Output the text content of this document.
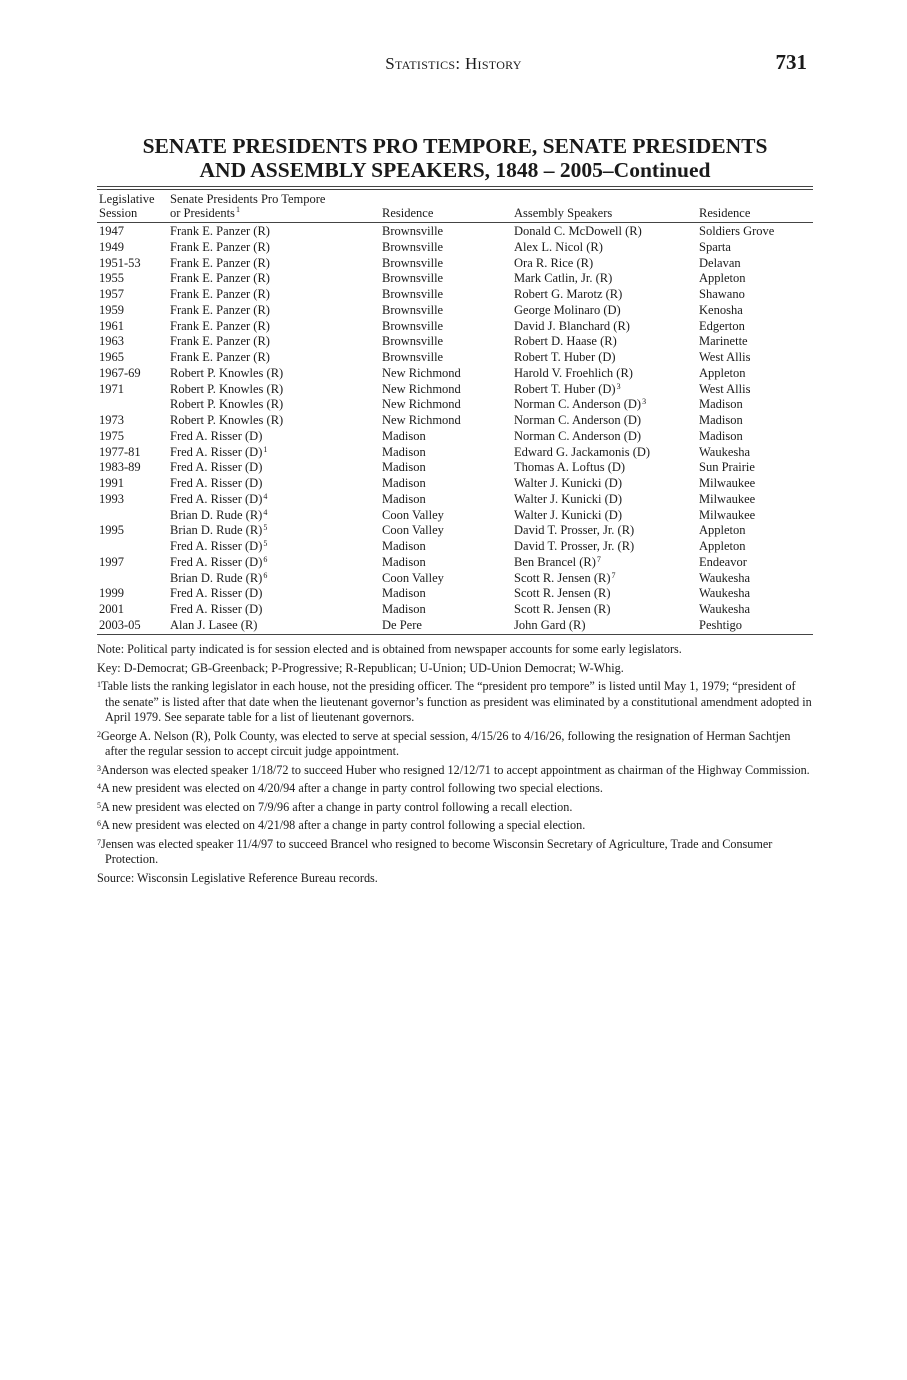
Statistics: History	731
SENATE PRESIDENTS PRO TEMPORE, SENATE PRESIDENTS
AND ASSEMBLY SPEAKERS, 1848 – 2005–Continued
Legislative
Session
Senate Presidents Pro Tempore
or Presidents$^1$	Residence	Assembly Speakers	Residence
1947	Frank E. Panzer (R)	Brownsville	Donald C. McDowell (R)	Soldiers Grove
1949	Frank E. Panzer (R)	Brownsville	Alex L. Nicol (R)	Sparta
1951-53 Frank E. Panzer (R)	Brownsville	Ora R. Rice (R)	Delavan
1955	Frank E. Panzer (R)	Brownsville	Mark Catlin, Jr. (R)	Appleton
1957	Frank E. Panzer (R)	Brownsville	Robert G. Marotz (R)	Shawano
1959	Frank E. Panzer (R)	Brownsville	George Molinaro (D)	Kenosha
1961	Frank E. Panzer (R)	Brownsville	David J. Blanchard (R)	Edgerton
1963	Frank E. Panzer (R)	Brownsville	Robert D. Haase (R)	Marinette
1965	Frank E. Panzer (R)	Brownsville	Robert T. Huber (D)	West Allis
1967-69 Robert P. Knowles (R)	New Richmond	Harold V. Froehlich (R)	Appleton
1971	Robert P. Knowles (R)	New Richmond	Robert T. Huber $(D)^3$	West Allis
Robert P. Knowles (R)	New Richmond	Norman C. Anderson $(D)^3$	Madison
1973	Robert P. Knowles (R)	New Richmond	Norman C. Anderson (D)	Madison
1975	Fred A. Risser (D)	Madison	Norman C. Anderson (D)	Madison
1977-81 Fred A. Risser $(D)^1$	Madison	Edward G. Jackamonis (D)	Waukesha
1983-89 Fred A. Risser (D)	Madison	Thomas A. Loftus (D)	Sun Prairie
1991	Fred A. Risser (D)	Madison	Walter J. Kunicki (D)	Milwaukee
1993	Fred A. Risser $(D)^4$	Madison	Walter J. Kunicki (D)	Milwaukee
Brian D. Rude $(R)^4$	Coon Valley	Walter J. Kunicki (D)	Milwaukee
1995	Brian D. Rude $(R)^5$	Coon Valley	David T. Prosser, Jr. (R)	Appleton
Fred A. Risser $(D)^5$	Madison	David T. Prosser, Jr. (R)	Appleton
1997	Fred A. Risser $(D)^6$	Madison	Ben Brancel $(R)^7$	Endeavor
Brian D. Rude $(R)^6$	Coon Valley	Scott R. Jensen $(R)^7$	Waukesha
1999	Fred A. Risser (D)	Madison	Scott R. Jensen (R)	Waukesha
2001	Fred A. Risser (D)	Madison	Scott R. Jensen (R)	Waukesha
2003-05 Alan J. Lasee (R)	De Pere	John Gard (R)	Peshtigo

Note: Political party indicated is for session elected and is obtained from newspaper accounts for some early legislators.

Key: D-Democrat; GB-Greenback; P-Progressive; R-Republican; U-Union; UD-Union Democrat; W-Whig.

$^1$Table lists the ranking legislator in each house, not the presiding officer. The “president pro tempore” is listed until May 1, 1979; “president of the senate” is listed after that date when the lieutenant governor’s function as president was eliminated by a constitutional amendment adopted in April 1979. See separate table for a list of lieutenant governors.

$^2$George A. Nelson (R), Polk County, was elected to serve at special session, 4/15/26 to 4/16/26, following the resignation of Herman Sachtjen after the regular session to accept circuit judge appointment.

$^3$Anderson was elected speaker 1/18/72 to succeed Huber who resigned 12/12/71 to accept appointment as chairman of the Highway Commission.

$^4$A new president was elected on 4/20/94 after a change in party control following two special elections.

$^5$A new president was elected on 7/9/96 after a change in party control following a recall election.

$^6$A new president was elected on 4/21/98 after a change in party control following a special election.

$^7$Jensen was elected speaker 11/4/97 to succeed Brancel who resigned to become Wisconsin Secretary of Agriculture, Trade and Consumer Protection.

Source: Wisconsin Legislative Reference Bureau records.
